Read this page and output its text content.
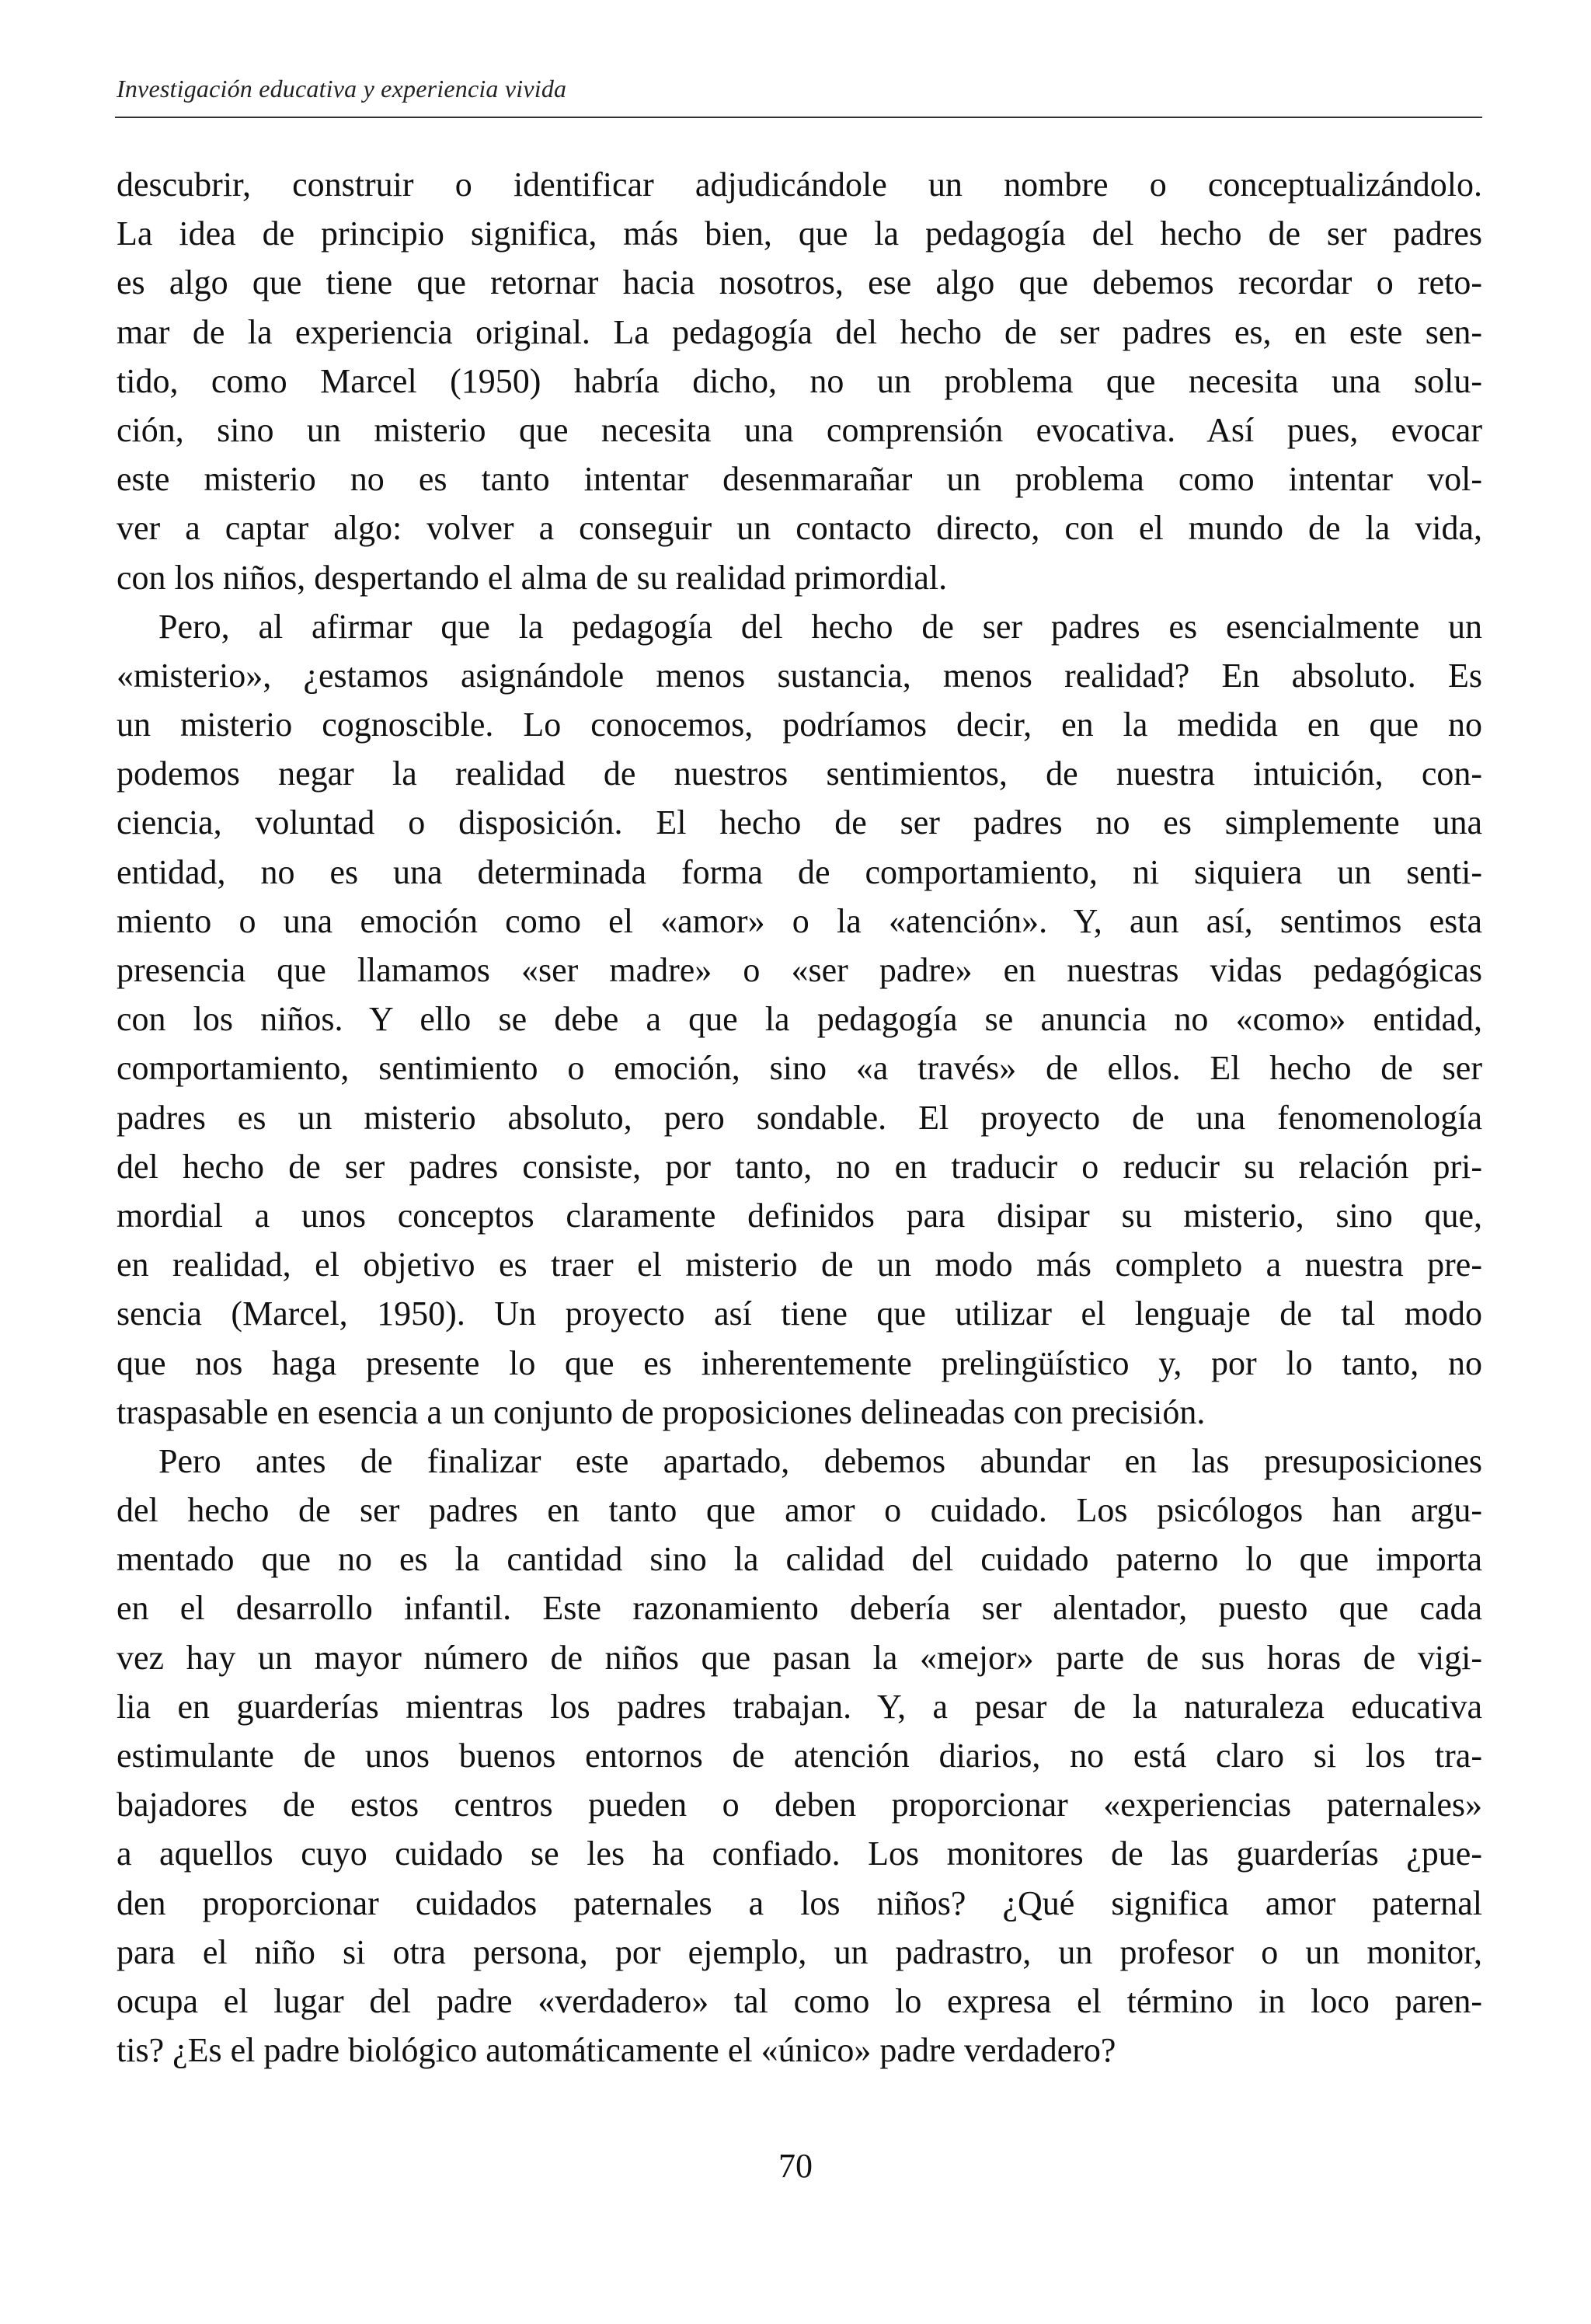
Investigación educativa y experiencia vivida
descubrir, construir o identificar adjudicándole un nombre o conceptualizándolo.
La idea de principio significa, más bien, que la pedagogía del hecho de ser padres
es algo que tiene que retornar hacia nosotros, ese algo que debemos recordar o reto-
mar de la experiencia original. La pedagogía del hecho de ser padres es, en este sen-
tido, como Marcel (1950) habría dicho, no un problema que necesita una solu-
ción, sino un misterio que necesita una comprensión evocativa. Así pues, evocar
este misterio no es tanto intentar desenmarañar un problema como intentar vol-
ver a captar algo: volver a conseguir un contacto directo, con el mundo de la vida,
con los niños, despertando el alma de su realidad primordial.
Pero, al afirmar que la pedagogía del hecho de ser padres es esencialmente un
«misterio», ¿estamos asignándole menos sustancia, menos realidad? En absoluto. Es
un misterio cognoscible. Lo conocemos, podríamos decir, en la medida en que no
podemos negar la realidad de nuestros sentimientos, de nuestra intuición, con-
ciencia, voluntad o disposición. El hecho de ser padres no es simplemente una
entidad, no es una determinada forma de comportamiento, ni siquiera un senti-
miento o una emoción como el «amor» o la «atención». Y, aun así, sentimos esta
presencia que llamamos «ser madre» o «ser padre» en nuestras vidas pedagógicas
con los niños. Y ello se debe a que la pedagogía se anuncia no «como» entidad,
comportamiento, sentimiento o emoción, sino «a través» de ellos. El hecho de ser
padres es un misterio absoluto, pero sondable. El proyecto de una fenomenología
del hecho de ser padres consiste, por tanto, no en traducir o reducir su relación pri-
mordial a unos conceptos claramente definidos para disipar su misterio, sino que,
en realidad, el objetivo es traer el misterio de un modo más completo a nuestra pre-
sencia (Marcel, 1950). Un proyecto así tiene que utilizar el lenguaje de tal modo
que nos haga presente lo que es inherentemente prelingüístico y, por lo tanto, no
traspasable en esencia a un conjunto de proposiciones delineadas con precisión.
Pero antes de finalizar este apartado, debemos abundar en las presuposiciones
del hecho de ser padres en tanto que amor o cuidado. Los psicólogos han argu-
mentado que no es la cantidad sino la calidad del cuidado paterno lo que importa
en el desarrollo infantil. Este razonamiento debería ser alentador, puesto que cada
vez hay un mayor número de niños que pasan la «mejor» parte de sus horas de vigi-
lia en guarderías mientras los padres trabajan. Y, a pesar de la naturaleza educativa
estimulante de unos buenos entornos de atención diarios, no está claro si los tra-
bajadores de estos centros pueden o deben proporcionar «experiencias paternales»
a aquellos cuyo cuidado se les ha confiado. Los monitores de las guarderías ¿pue-
den proporcionar cuidados paternales a los niños? ¿Qué significa amor paternal
para el niño si otra persona, por ejemplo, un padrastro, un profesor o un monitor,
ocupa el lugar del padre «verdadero» tal como lo expresa el término in loco paren-
tis? ¿Es el padre biológico automáticamente el «único» padre verdadero?
70
